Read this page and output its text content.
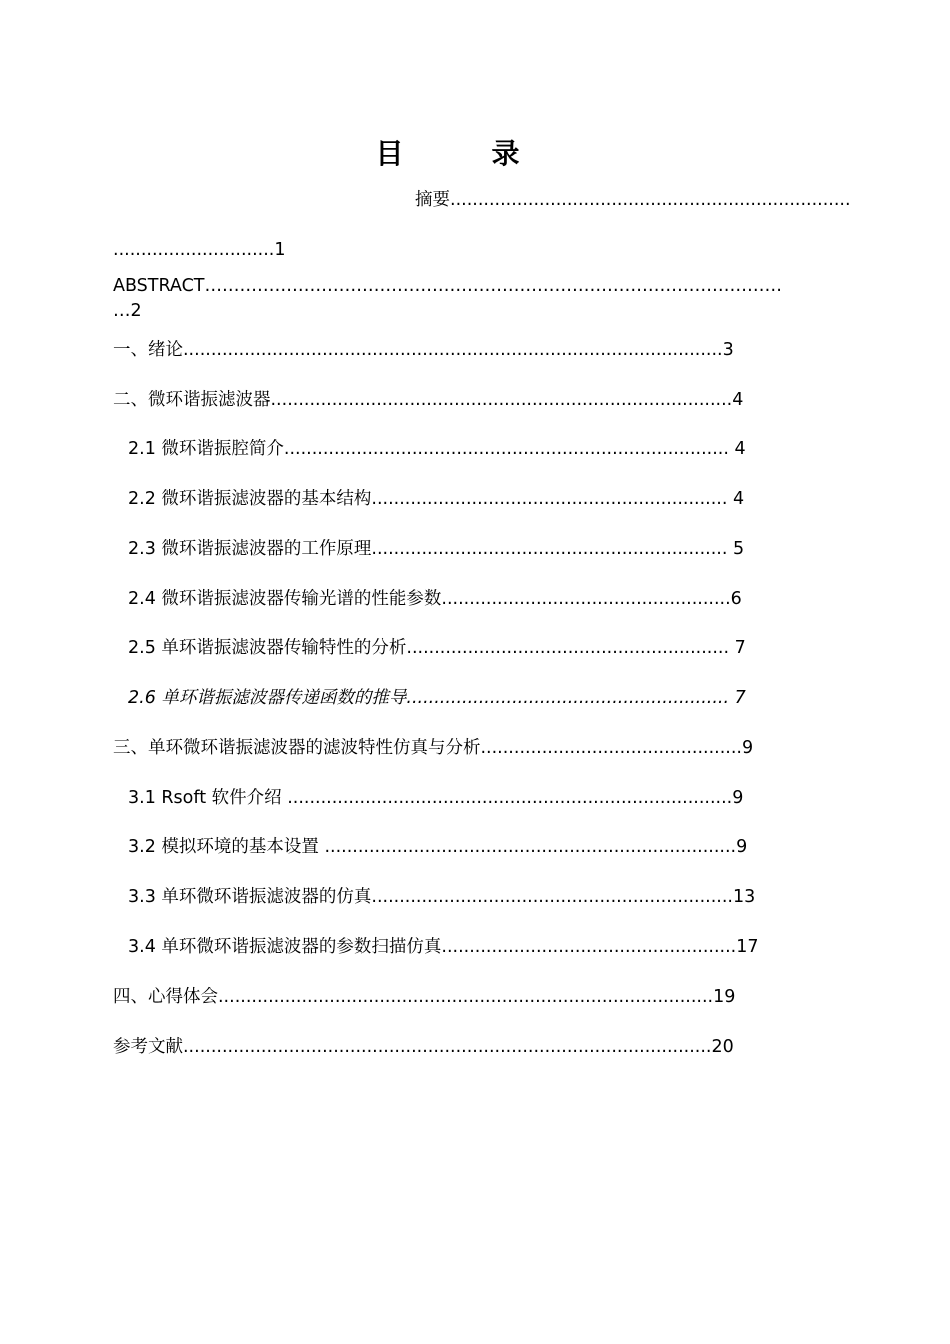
目　录
摘要........................................................................
.............................1
ABSTRACT………………………………………………………………………………………
…2
一、绪论.................................................................................................3
二、微环谐振滤波器...................................................................................4
2.1 微环谐振腔简介................................................................................ 4
2.2 微环谐振滤波器的基本结构................................................................ 4
2.3 微环谐振滤波器的工作原理................................................................ 5
2.4 微环谐振滤波器传输光谱的性能参数....................................................6
2.5 单环谐振滤波器传输特性的分析.......................................................... 7
2.6 单环谐振滤波器传递函数的推导.......................................................... 7
三、单环微环谐振滤波器的滤波特性仿真与分析...............................................9
3.1 Rsoft 软件介绍 ................................................................................9
3.2 模拟环境的基本设置 ..........................................................................9
3.3 单环微环谐振滤波器的仿真.................................................................13
3.4 单环微环谐振滤波器的参数扫描仿真.....................................................17
四、心得体会.........................................................................................19
参考文献...............................................................................................20
